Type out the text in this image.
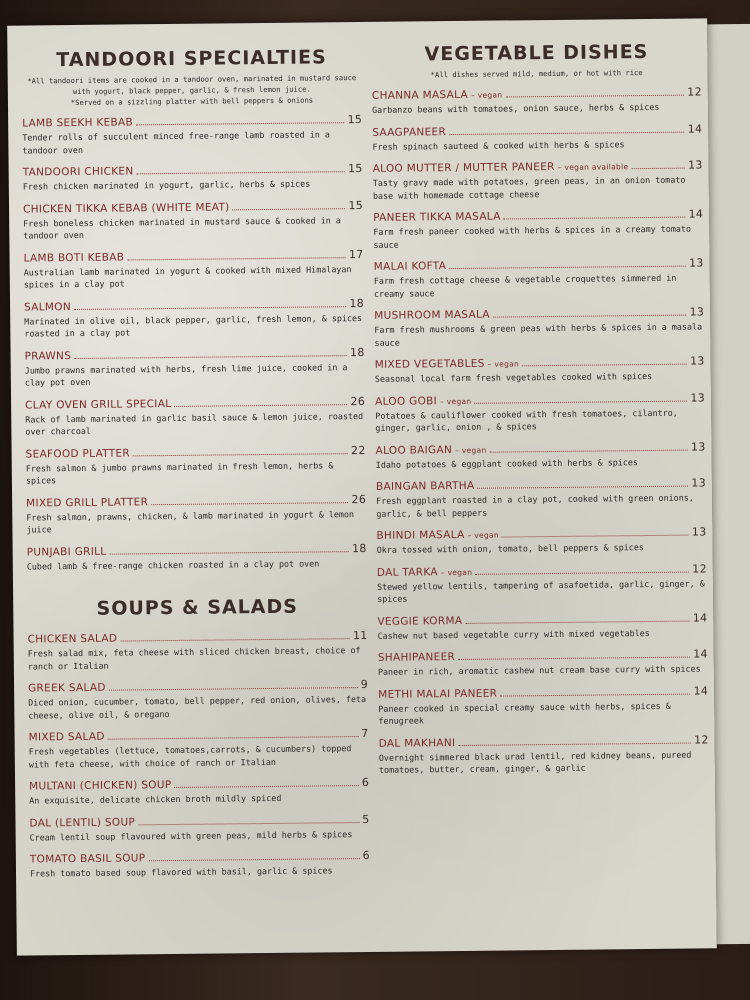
TANDOORI SPECIALTIES
*All tandoori items are cooked in a tandoor oven, marinated in mustard sauce with yogurt, black pepper, garlic, & fresh lemon juice.
*Served on a sizzling platter with bell peppers & onions
LAMB SEEKH KEBAB	15
Tender rolls of succulent minced free-range lamb roasted in a tandoor oven
TANDOORI CHICKEN	15
Fresh chicken marinated in yogurt, garlic, herbs & spices
CHICKEN TIKKA KEBAB (WHITE MEAT)	15
Fresh boneless chicken marinated in mustard sauce & cooked in a tandoor oven
LAMB BOTI KEBAB	17
Australian lamb marinated in yogurt & cooked with mixed Himalayan spices in a clay pot
SALMON	18
Marinated in olive oil, black pepper, garlic, fresh lemon, & spices roasted in a clay pot
PRAWNS	18
Jumbo prawns marinated with herbs, fresh lime juice, cooked in a clay pot oven
CLAY OVEN GRILL SPECIAL	26
Rack of lamb marinated in garlic basil sauce & lemon juice, roasted over charcoal
SEAFOOD PLATTER	22
Fresh salmon & jumbo prawns marinated in fresh lemon, herbs & spices
MIXED GRILL PLATTER	26
Fresh salmon, prawns, chicken, & lamb marinated in yogurt & lemon juice
PUNJABI GRILL	18
Cubed lamb & free-range chicken roasted in a clay pot oven
SOUPS & SALADS
CHICKEN SALAD	11
Fresh salad mix, feta cheese with sliced chicken breast, choice of ranch or Italian
GREEK SALAD	9
Diced onion, cucumber, tomato, bell pepper, red onion, olives, feta cheese, olive oil, & oregano
MIXED SALAD	7
Fresh vegetables (lettuce, tomatoes,carrots, & cucumbers) topped with feta cheese, with choice of ranch or Italian
MULTANI (CHICKEN) SOUP	6
An exquisite, delicate chicken broth mildly spiced
DAL (LENTIL) SOUP	5
Cream lentil soup flavoured with green peas, mild herbs & spices
TOMATO BASIL SOUP	6
Fresh tomato based soup flavored with basil, garlic & spices
VEGETABLE DISHES
*All dishes served mild, medium, or hot with rice
CHANNA MASALA – vegan	12
Garbanzo beans with tomatoes, onion sauce, herbs & spices
SAAGPANEER	14
Fresh spinach sauteed & cooked with herbs & spices
ALOO MUTTER / MUTTER PANEER – vegan available	13
Tasty gravy made with potatoes, green peas, in an onion tomato base with homemade cottage cheese
PANEER TIKKA MASALA	14
Farm fresh paneer cooked with herbs & spices in a creamy tomato sauce
MALAI KOFTA	13
Farm fresh cottage cheese & vegetable croquettes simmered in creamy sauce
MUSHROOM MASALA	13
Farm fresh mushrooms & green peas with herbs & spices in a masala sauce
MIXED VEGETABLES – vegan	13
Seasonal local farm fresh vegetables cooked with spices
ALOO GOBI – vegan	13
Potatoes & cauliflower cooked with fresh tomatoes, cilantro, ginger, garlic, onion , & spices
ALOO BAIGAN – vegan	13
Idaho potatoes & eggplant cooked with herbs & spices
BAINGAN BARTHA	13
Fresh eggplant roasted in a clay pot, cooked with green onions, garlic, & bell peppers
BHINDI MASALA – vegan	13
Okra tossed with onion, tomato, bell peppers & spices
DAL TARKA – vegan	12
Stewed yellow lentils, tampering of asafoetida, garlic, ginger, & spices
VEGGIE KORMA	14
Cashew nut based vegetable curry with mixed vegetables
SHAHIPANEER	14
Paneer in rich, aromatic cashew nut cream base curry with spices
METHI MALAI PANEER	14
Paneer cooked in special creamy sauce with herbs, spices & fenugreek
DAL MAKHANI	12
Overnight simmered black urad lentil, red kidney beans, pureed tomatoes, butter, cream, ginger, & garlic
